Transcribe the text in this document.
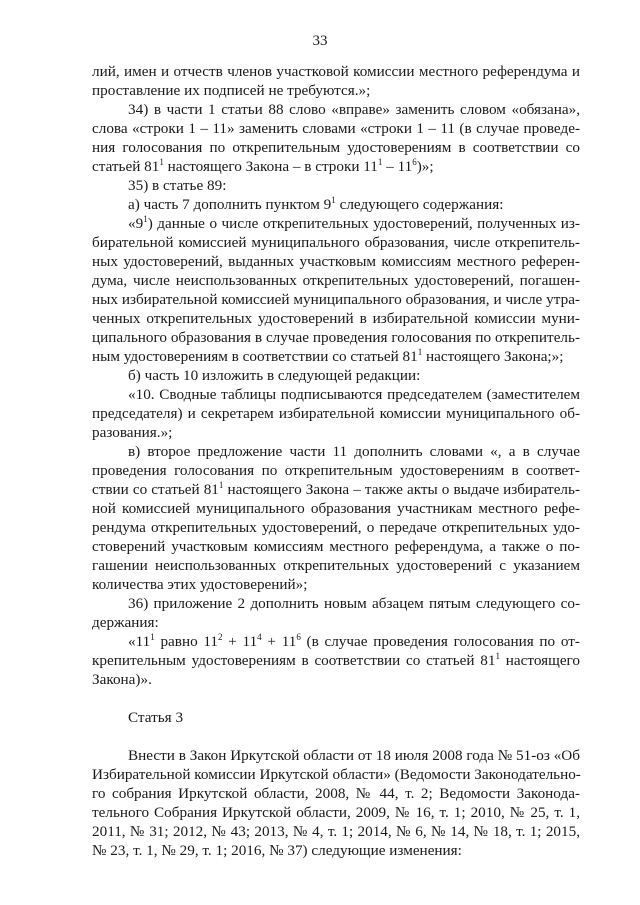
33
лий, имен и отчеств членов участковой комиссии местного референдума и
проставление их подписей не требуются.»;
34) в части 1 статьи 88 слово «вправе» заменить словом «обязана»,
слова «строки 1 – 11» заменить словами «строки 1 – 11 (в случае проведе-
ния голосования по открепительным удостоверениям в соответствии со
статьей $81^1$ настоящего Закона – в строки $11^1 - 11^6$)»;
35) в статье 89:
а) часть 7 дополнить пунктом $9^1$ следующего содержания:
«$9^1$) данные о числе открепительных удостоверений, полученных из-
бирательной комиссией муниципального образования, числе открепитель-
ных удостоверений, выданных участковым комиссиям местного референ-
дума, числе неиспользованных открепительных удостоверений, погашен-
ных избирательной комиссией муниципального образования, и числе утра-
ченных открепительных удостоверений в избирательной комиссии муни-
ципального образования в случае проведения голосования по открепитель-
ным удостоверениям в соответствии со статьей $81^1$ настоящего Закона;»;
б) часть 10 изложить в следующей редакции:
«10. Сводные таблицы подписываются председателем (заместителем
председателя) и секретарем избирательной комиссии муниципального об-
разования.»;
в) второе предложение части 11 дополнить словами «, а в случае
проведения голосования по открепительным удостоверениям в соответ-
ствии со статьей $81^1$ настоящего Закона – также акты о выдаче избиратель-
ной комиссией муниципального образования участникам местного рефе-
рендума открепительных удостоверений, о передаче открепительных удо-
стоверений участковым комиссиям местного референдума, а также о по-
гашении неиспользованных открепительных удостоверений с указанием
количества этих удостоверений»;
36) приложение 2 дополнить новым абзацем пятым следующего со-
держания:
«$11^1$ равно $11^2 + 11^4 + 11^6$ (в случае проведения голосования по от-
крепительным удостоверениям в соответствии со статьей $81^1$ настоящего
Закона)».
Статья 3
Внести в Закон Иркутской области от 18 июля 2008 года № 51-оз «Об
Избирательной комиссии Иркутской области» (Ведомости Законодательно-
го собрания Иркутской области, 2008, № 44, т. 2; Ведомости Законода-
тельного Собрания Иркутской области, 2009, № 16, т. 1; 2010, № 25, т. 1,
2011, № 31; 2012, № 43; 2013, № 4, т. 1; 2014, № 6, № 14, № 18, т. 1; 2015,
№ 23, т. 1, № 29, т. 1; 2016, № 37) следующие изменения:
